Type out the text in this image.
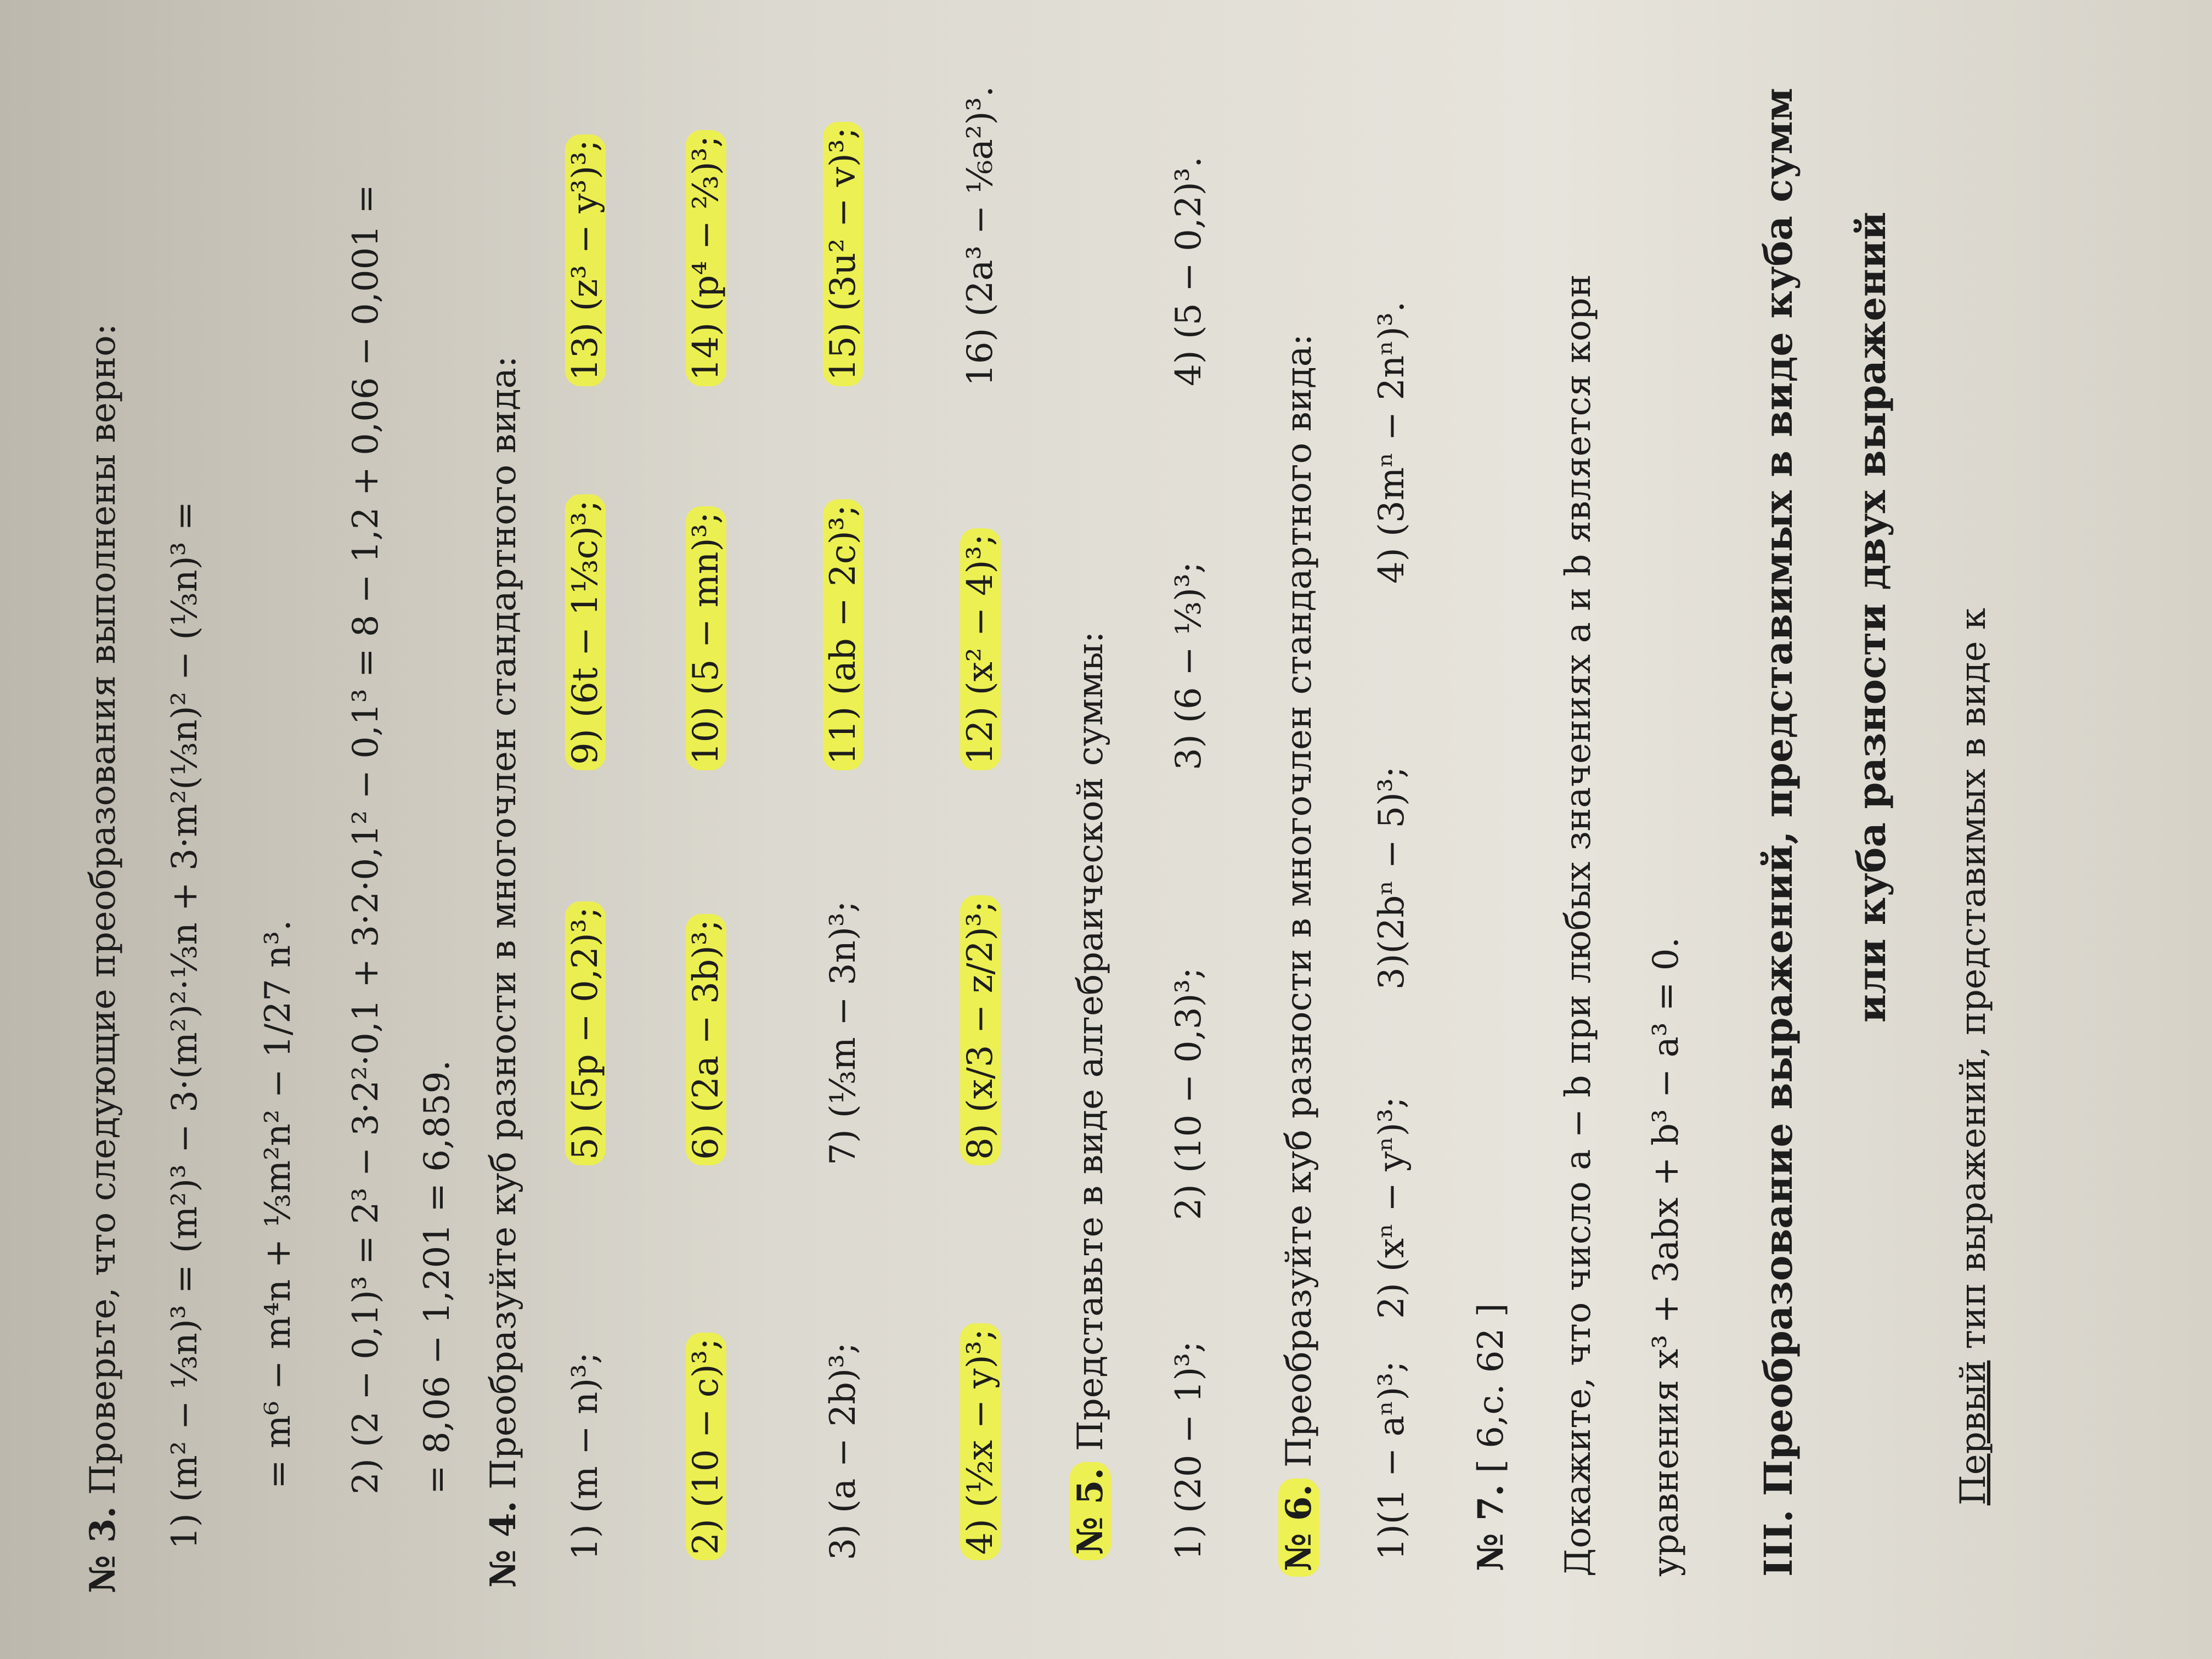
№ 3. Проверьте, что следующие преобразования выполнены верно: 1) (m² − ⅓n)³ = (m²)³ − 3·(m²)²·⅓n + 3·m²(⅓n)² − (⅓n)³ = = m⁶ − m⁴n + ⅓m²n² − 1/27 n³. 2) (2 − 0,1)³ = 2³ − 3·2²·0,1 + 3·2·0,1² − 0,1³ = 8 − 1,2 + 0,06 − 0,001 = = 8,06 − 1,201 = 6,859.
№ 4. Преобразуйте куб разности в многочлен стандартного вида: 1) (m − n)³;
5) (5p − 0,2)³;
9) (6t − 1⅓c)³;
13) (z³ − y³)³;
2) (10 − c)³;
6) (2a − 3b)³;
10) (5 − mn)³;
14) (p⁴ − ⅔)³;
3) (a − 2b)³;
7) (⅓m − 3n)³;
11) (ab − 2c)³;
15) (3u² − v)³;
4) (½x − y)³;
8) (x/3 − z/2)³;
12) (x² − 4)³;
16) (2a³ − ⅙a²)³.
№ 5. Представьте в виде алгебраической суммы: 1) (20 − 1)³;
2) (10 − 0,3)³;
3) (6 − ⅓)³;
4) (5 − 0,2)³.
№ 6. Преобразуйте куб разности в многочлен стандартного вида: 1)(1 − aⁿ)³;
2) (xⁿ − yⁿ)³;
3)(2bⁿ − 5)³;
4) (3mⁿ − 2nⁿ)³.
№ 7. [ 6,с. 62 ] Докажите, что число a − b при любых значениях a и b является корн уравнения x³ + 3abx + b³ − a³ = 0. III. Преобразование выражений, представимых в виде куба сумм или куба разности двух выражений
Первый тип выражений, представимых в виде к
